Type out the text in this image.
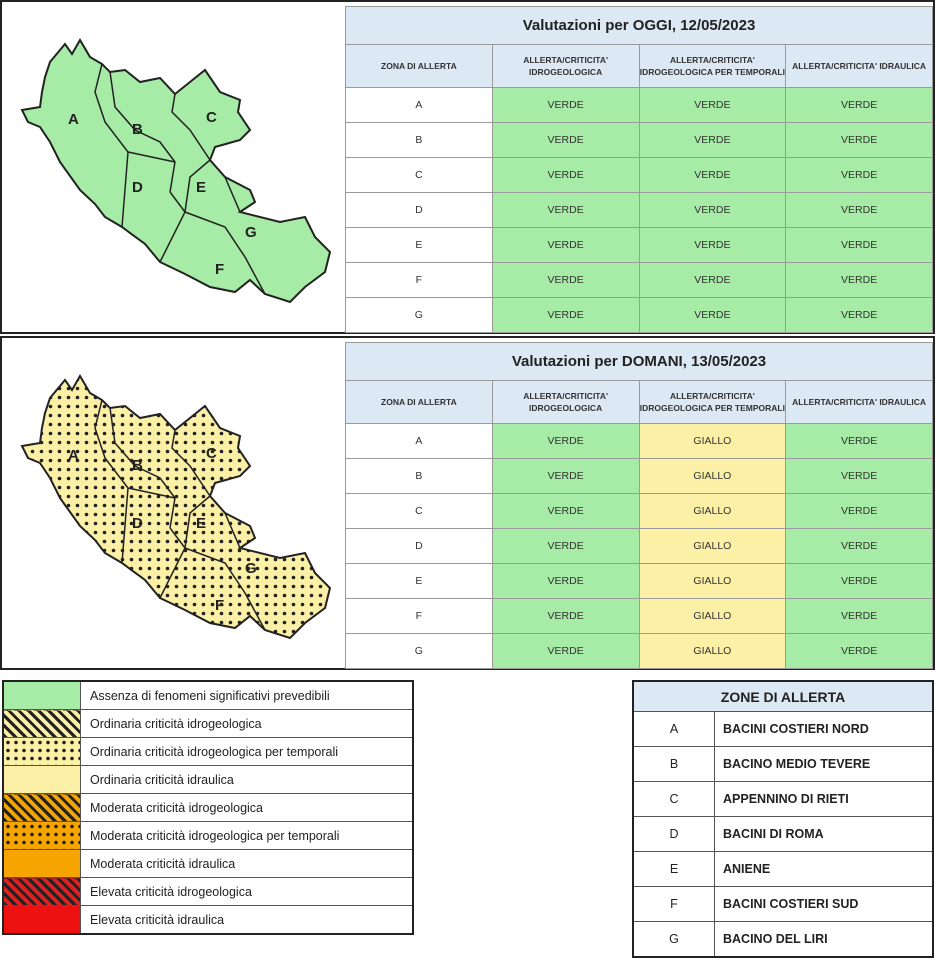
A
B
C
D	E
G
F
Valutazioni per OGGI, 12/05/2023			
ZONA DI ALLERTA	ALLERTA/CRITICITA' IDROGEOLOGICA	ALLERTA/CRITICITA' IDROGEOLOGICA PER TEMPORALI	ALLERTA/CRITICITA' IDRAULICA
A	VERDE	VERDE	VERDE
B	VERDE	VERDE	VERDE
C	VERDE	VERDE	VERDE
D	VERDE	VERDE	VERDE
E	VERDE	VERDE	VERDE
F	VERDE	VERDE	VERDE
G	VERDE	VERDE	VERDE
A
B
C
D	E
G
F
Valutazioni per DOMANI, 13/05/2023			
ZONA DI ALLERTA	ALLERTA/CRITICITA' IDROGEOLOGICA	ALLERTA/CRITICITA' IDROGEOLOGICA PER TEMPORALI	ALLERTA/CRITICITA' IDRAULICA
A	VERDE	GIALLO	VERDE
B	VERDE	GIALLO	VERDE
C	VERDE	GIALLO	VERDE
D	VERDE	GIALLO	VERDE
E	VERDE	GIALLO	VERDE
F	VERDE	GIALLO	VERDE
G	VERDE	GIALLO	VERDE
	Assenza di fenomeni significativi prevedibili
	Ordinaria criticità idrogeologica
	Ordinaria criticità idrogeologica per temporali
	Ordinaria criticità idraulica
	Moderata criticità idrogeologica
	Moderata criticità idrogeologica per temporali
	Moderata criticità idraulica
	Elevata criticità idrogeologica
	Elevata criticità idraulica
ZONE DI ALLERTA	
A	BACINI COSTIERI NORD
B	BACINO MEDIO TEVERE
C	APPENNINO DI RIETI
D	BACINI DI ROMA
E	ANIENE
F	BACINI COSTIERI SUD
G	BACINO DEL LIRI
